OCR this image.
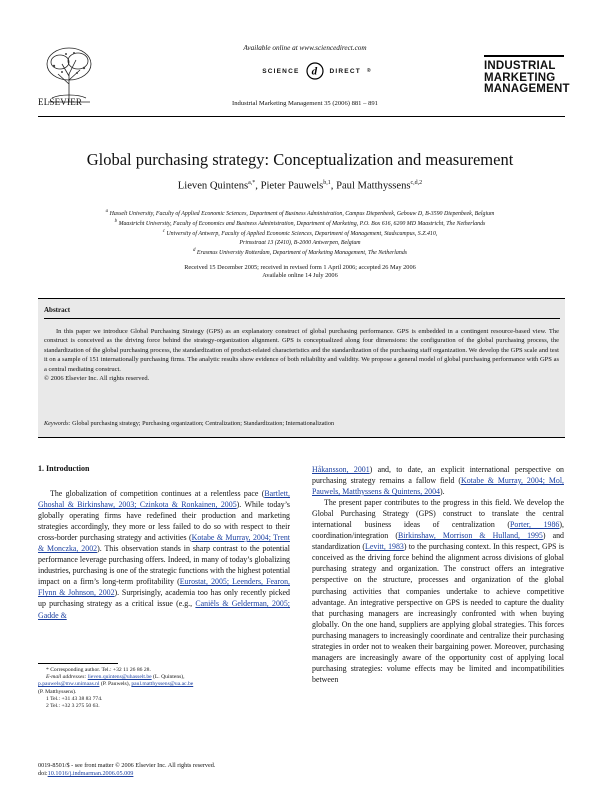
ELSEVIER
Available online at www.sciencedirect.com
SCIENCE d DIRECT ®
Industrial Marketing Management 35 (2006) 881 – 891
INDUSTRIAL
MARKETING
MANAGEMENT
Global purchasing strategy: Conceptualization and measurement
Lieven Quintens$^{a,*}$, Pieter Pauwels$^{b,1}$, Paul Matthyssens$^{c,d,2}$
$^a$ Hasselt University, Faculty of Applied Economic Sciences, Department of Business Administration, Campus Diepenbeek, Gebouw D, B-3590 Diepenbeek, Belgium
$^b$ Maastricht University, Faculty of Economics and Business Administration, Department of Marketing, P.O. Box 616, 6200 MD Maastricht, The Netherlands
$^c$ University of Antwerp, Faculty of Applied Economic Sciences, Department of Management, Stadscampus, S.Z.410,
Prinsstraat 13 (Z410), B-2000 Antwerpen, Belgium
$^d$ Erasmus University Rotterdam, Department of Marketing Management, The Netherlands
Received 15 December 2005; received in revised form 1 April 2006; accepted 26 May 2006
Available online 14 July 2006
Abstract
In this paper we introduce Global Purchasing Strategy (GPS) as an explanatory construct of global purchasing performance. GPS is embedded in a contingent resource-based view. The construct is conceived as the driving force behind the strategy-organization alignment. GPS is conceptualized along four dimensions: the configuration of the global purchasing process, the standardization of the global purchasing process, the standardization of product-related characteristics and the standardization of the purchasing staff organization. We develop the GPS scale and test it on a sample of 151 internationally purchasing firms. The analytic results show evidence of both reliability and validity. We propose a general model of global purchasing performance with GPS as a central mediating construct.
© 2006 Elsevier Inc. All rights reserved.
Keywords: Global purchasing strategy; Purchasing organization; Centralization; Standardization; Internationalization
1. Introduction

The globalization of competition continues at a relentless pace (Bartlett, Ghoshal & Birkinshaw, 2003; Czinkota & Ronkainen, 2005). While today’s globally operating firms have redefined their production and marketing strategies accordingly, they more or less failed to do so with respect to their cross-border purchasing strategy and activities (Kotabe & Murray, 2004; Trent & Monczka, 2002). This observation stands in sharp contrast to the potential performance leverage purchasing offers. Indeed, in many of today’s globalizing industries, purchasing is one of the strategic functions with the highest potential impact on a firm’s long-term profitability (Eurostat, 2005; Leenders, Fearon, Flynn & Johnson, 2002). Surprisingly, academia too has only recently picked up purchasing strategy as a critical issue (e.g., Caniëls & Gelderman, 2005; Gadde &

Håkansson, 2001) and, to date, an explicit international perspective on purchasing strategy remains a fallow field (Kotabe & Murray, 2004; Mol, Pauwels, Matthyssens & Quintens, 2004).

The present paper contributes to the progress in this field. We develop the Global Purchasing Strategy (GPS) construct to translate the central international business ideas of centralization (Porter, 1986), coordination/integration (Birkinshaw, Morrison & Hulland, 1995) and standardization (Levitt, 1983) to the purchasing context. In this respect, GPS is conceived as the driving force behind the alignment across divisions of global purchasing strategy and organization. The construct offers an integrative perspective on the structure, processes and organization of the global purchasing activities that companies undertake to achieve competitive advantage. An integrative perspective on GPS is needed to capture the duality that purchasing managers are increasingly confronted with when buying globally. On the one hand, suppliers are applying global strategies. This forces purchasing managers to increasingly coordinate and centralize their purchasing strategies in order not to weaken their bargaining power. Moreover, purchasing managers are increasingly aware of the opportunity cost of applying local purchasing strategies: volume effects may be limited and incompatibilities between

* Corresponding author. Tel.: +32 11 26 86 28.
E-mail addresses: lieven.quintens@uhasselt.be (L. Quintens),
p.pauwels@mw.unimaas.nl (P. Pauwels), paul.matthyssens@ua.ac.be
(P. Matthyssens).
1 Tel.: +31 43 38 83 774.
2 Tel.: +32 3 275 50 63.
0019-8501/$ - see front matter © 2006 Elsevier Inc. All rights reserved.
doi:10.1016/j.indmarman.2006.05.009
